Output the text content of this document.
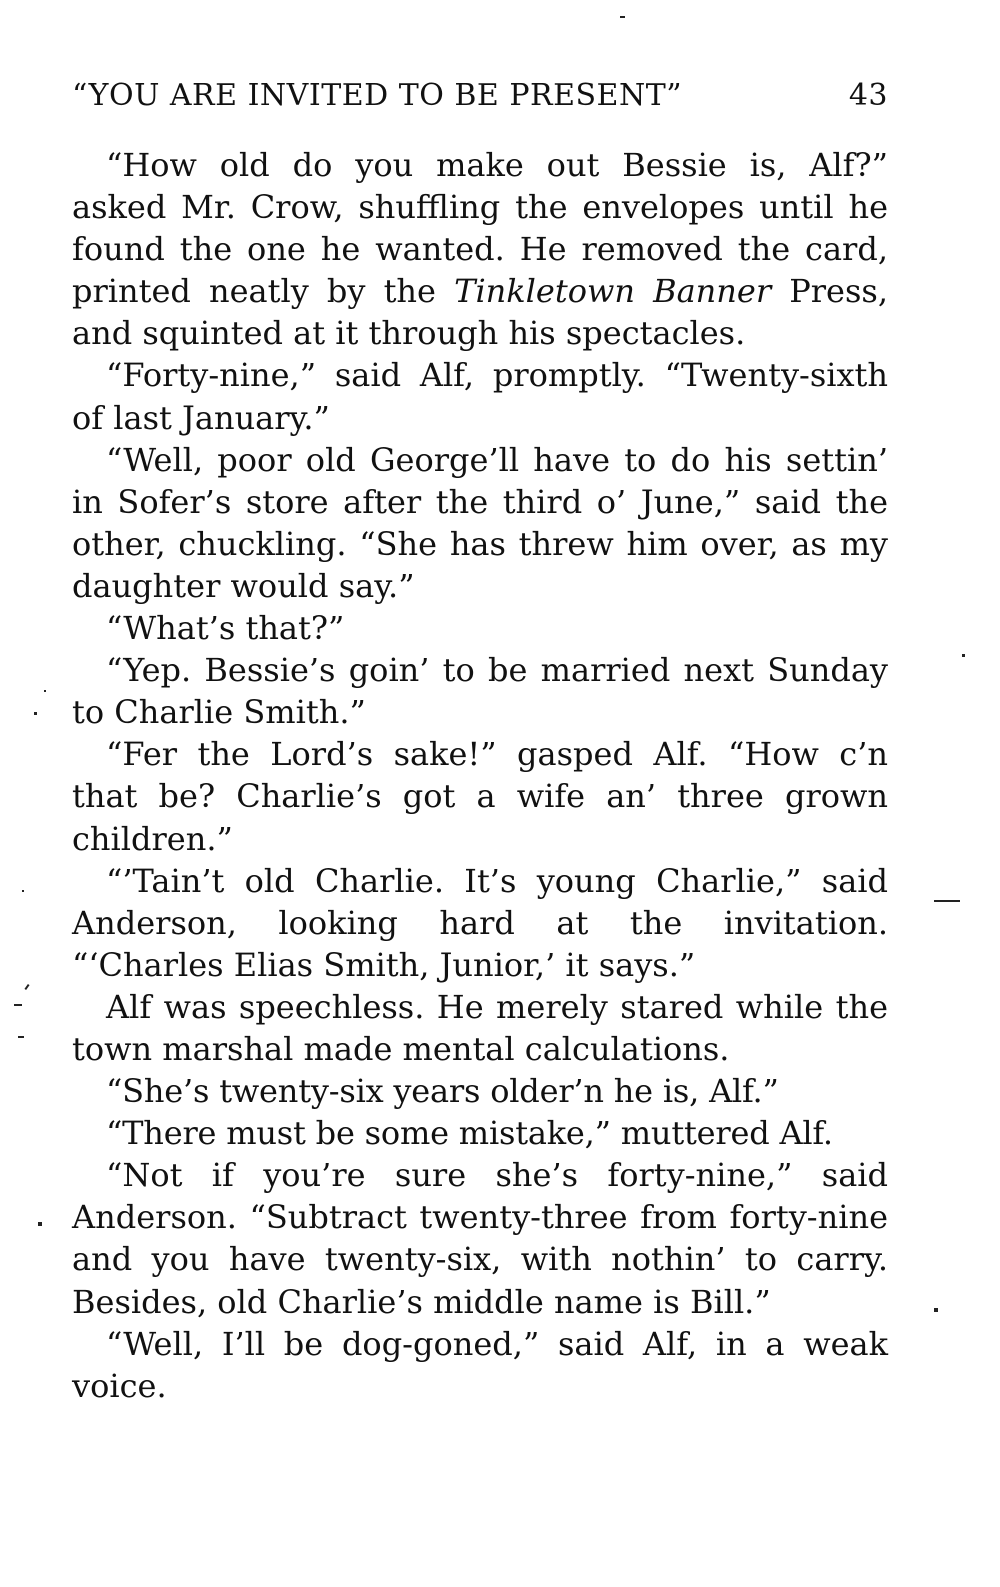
“YOU ARE INVITED TO BE PRESENT”	43

“How old do you make out Bessie is, Alf?” asked Mr. Crow, shuffling the envelopes until he found the one he wanted. He removed the card, printed neatly by the Tinkletown Banner Press, and squinted at it through his spectacles.

“Forty-nine,” said Alf, promptly. “Twenty-sixth of last January.”

“Well, poor old George’ll have to do his settin’ in Sofer’s store after the third o’ June,” said the other, chuckling. “She has threw him over, as my daughter would say.”

“What’s that?”

“Yep. Bessie’s goin’ to be married next Sunday to Charlie Smith.”

“Fer the Lord’s sake!” gasped Alf. “How c’n that be? Charlie’s got a wife an’ three grown children.”

“’Tain’t old Charlie. It’s young Charlie,” said Anderson, looking hard at the invitation. “‘Charles Elias Smith, Junior,’ it says.”

Alf was speechless. He merely stared while the town marshal made mental calculations.

“She’s twenty-six years older’n he is, Alf.”

“There must be some mistake,” muttered Alf.

“Not if you’re sure she’s forty-nine,” said Anderson. “Subtract twenty-three from forty-nine and you have twenty-six, with nothin’ to carry. Besides, old Charlie’s middle name is Bill.”

“Well, I’ll be dog-goned,” said Alf, in a weak voice.
